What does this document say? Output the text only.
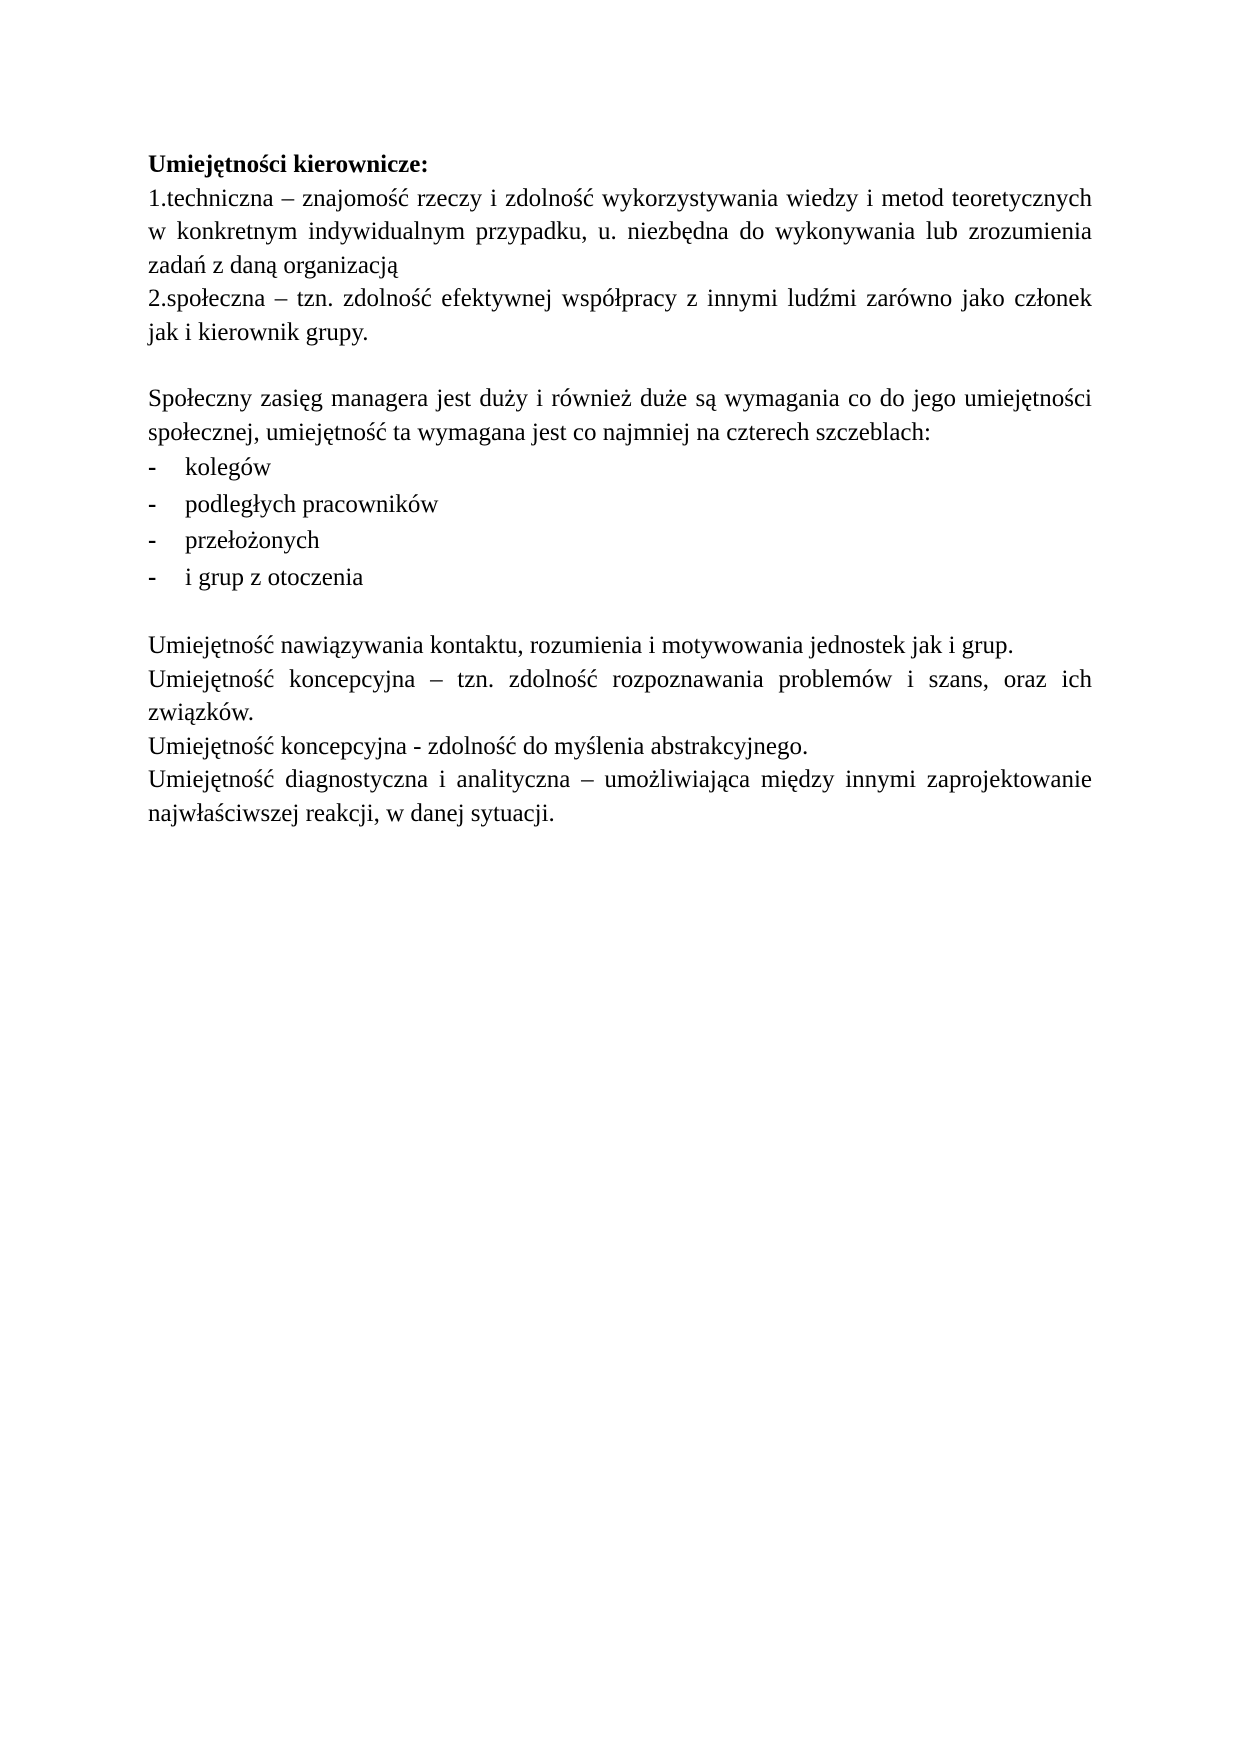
Umiejętności kierownicze:

1.techniczna – znajomość rzeczy i zdolność wykorzystywania wiedzy i metod teoretycznych w konkretnym indywidualnym przypadku, u. niezbędna do wykonywania lub zrozumienia zadań z daną organizacją

2.społeczna – tzn. zdolność efektywnej współpracy z innymi ludźmi zarówno jako członek jak i kierownik grupy.

Społeczny zasięg managera jest duży i również duże są wymagania co do jego umiejętności społecznej, umiejętność ta wymagana jest co najmniej na czterech szczeblach:

- kolegów
- podległych pracowników
- przełożonych
- i grup z otoczenia

Umiejętność nawiązywania kontaktu, rozumienia i motywowania jednostek jak i grup.

Umiejętność koncepcyjna – tzn. zdolność rozpoznawania problemów i szans, oraz ich związków.

Umiejętność koncepcyjna - zdolność do myślenia abstrakcyjnego.

Umiejętność diagnostyczna i analityczna – umożliwiająca między innymi zaprojektowanie najwłaściwszej reakcji, w danej sytuacji.
